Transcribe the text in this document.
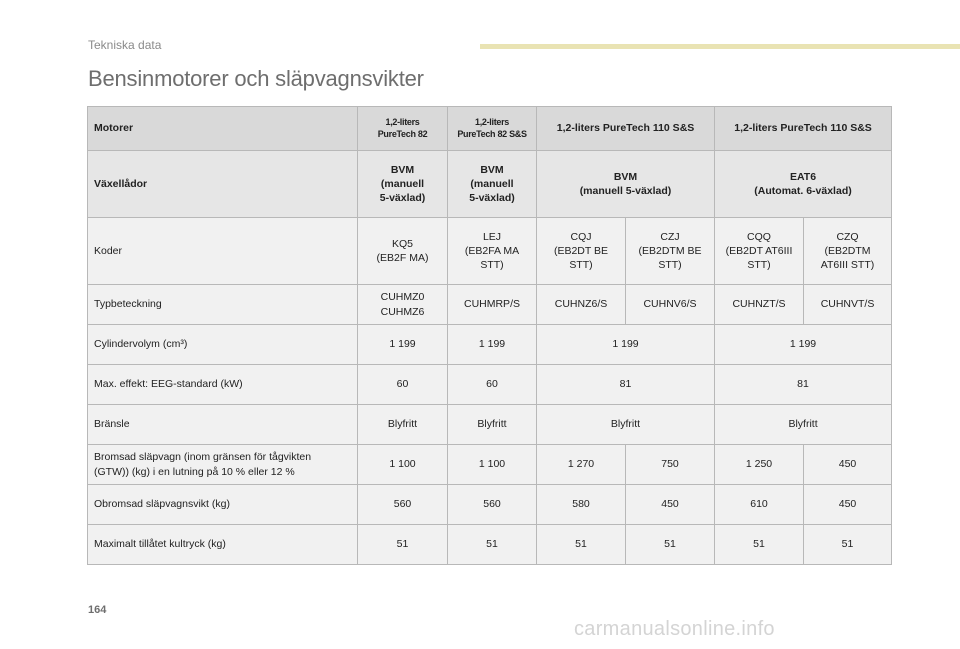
Tekniska data
Bensinmotorer och släpvagnsvikter
Motorer	1,2-liters
PureTech 82	1,2-liters
PureTech 82 S&S	1,2-liters PureTech 110 S&S		1,2-liters PureTech 110 S&S	
Växellådor	BVM
(manuell
5-växlad)	BVM
(manuell
5-växlad)	BVM
(manuell 5-växlad)		EAT6
(Automat. 6-växlad)	
Koder	KQ5
(EB2F MA)	LEJ
(EB2FA MA
STT)	CQJ
(EB2DT BE
STT)	CZJ
(EB2DTM BE
STT)	CQQ
(EB2DT AT6III
STT)	CZQ
(EB2DTM
AT6III STT)
Typbeteckning	CUHMZ0
CUHMZ6	CUHMRP/S	CUHNZ6/S	CUHNV6/S	CUHNZT/S	CUHNVT/S
Cylindervolym (cm³)	1 199	1 199	1 199		1 199	
Max. effekt: EEG-standard (kW)	60	60	81		81	
Bränsle	Blyfritt	Blyfritt	Blyfritt		Blyfritt	
Bromsad släpvagn (inom gränsen för tågvikten
(GTW)) (kg) i en lutning på 10 % eller 12 %	1 100	1 100	1 270	750	1 250	450
Obromsad släpvagnsvikt (kg)	560	560	580	450	610	450
Maximalt tillåtet kultryck (kg)	51	51	51	51	51	51
164
carmanualsonline.info
